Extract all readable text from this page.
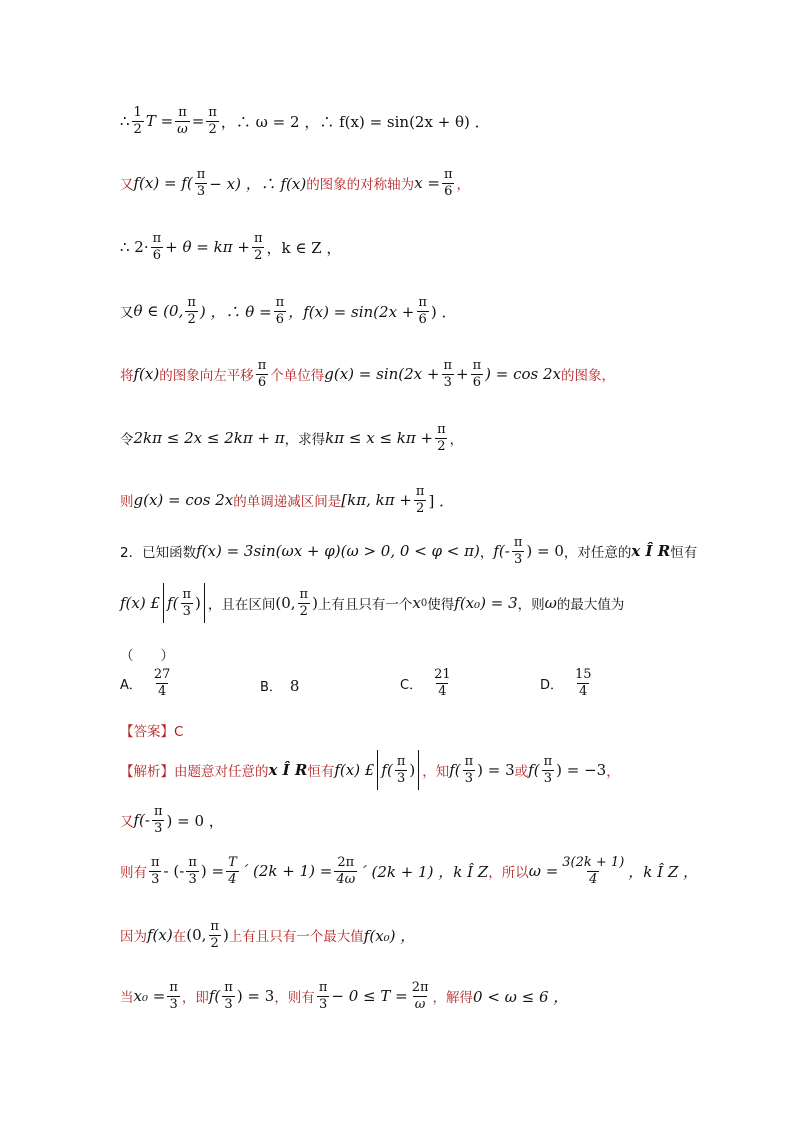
∴ $\frac{1}{2}$ $T = \frac{\pi}{\omega} = \frac{\pi}{2}$ ，∴ ω = 2 ，∴ f(x) = sin(2x + θ) ．
又 $f(x) = f( \frac{\pi}{3} - x)$ ，∴ f(x) 的图象的对称轴为 $x = \frac{\pi}{6}$ ，
∴ $2\cdot \frac{\pi}{6} + \theta = k\pi + \frac{\pi}{2}$ ，k ∈ Z ，
又 θ ∈ (0, $\frac{\pi}{2}$ ) ，∴ $\theta = \frac{\pi}{6}$ ，$f(x) = \sin(2x + \frac{\pi}{6}$ ) ．
将 f(x) 的图象向左平移 $\frac{\pi}{6}$ 个单位得 $g(x) = \sin(2x + \frac{\pi}{3} + \frac{\pi}{6}$ ) = cos 2x 的图象，
令 2kπ ≤ 2x ≤ 2kπ + π ，求得 $k\pi \le x \le k\pi + \frac{\pi}{2}$ ，
则 g(x) = cos 2x 的单调递减区间是 [kπ, $k\pi + \frac{\pi}{2}$ ] ．
2．已知函数 f(x) = 3sin(ωx + φ)(ω > 0, 0 < φ < π) ， $f(- \frac{\pi}{3}$ ) = 0 ，对任意的 x Î R 恒有
f(x) £ $f( \frac{\pi}{3}$ ) ，且在区间 (0, $\frac{\pi}{2}$ ) 上有且只有一个 x 0 使得 f(x₀) = 3 ，则 ω 的最大值为
（　　）
A． $\frac{27}{4}$	B． 8	C． $\frac{21}{4}$	D． $\frac{15}{4}$
【答案】C
【解析】由题意对任意的 x Î R 恒有 f(x) £ $f( \frac{\pi}{3}$ ) ，知 $f( \frac{\pi}{3}$ ) = 3 或 $f( \frac{\pi}{3}$ ) = −3 ，
又 $f(- \frac{\pi}{3}$ ) = 0 ，
则有 $\frac{\pi}{3}$ - (- $\frac{\pi}{3}$ ) = $\frac{T}{4}$ ´ $(2k + 1) = \frac{2\pi}{4\omega}$ ´ (2k + 1) ，k Î Z ，所以 $\omega = \frac{3(2k + 1)}{4}$ ，k Î Z ，
因为 f(x) 在 (0, $\frac{\pi}{2}$ ) 上有且只有一个最大值 f(x₀) ，
当 $x_0 = \frac{\pi}{3}$ ，即 $f( \frac{\pi}{3}$ ) = 3 ，则有 $\frac{\pi}{3} - 0 \le T = \frac{2\pi}{\omega}$ ，解得 0 < ω ≤ 6 ，
